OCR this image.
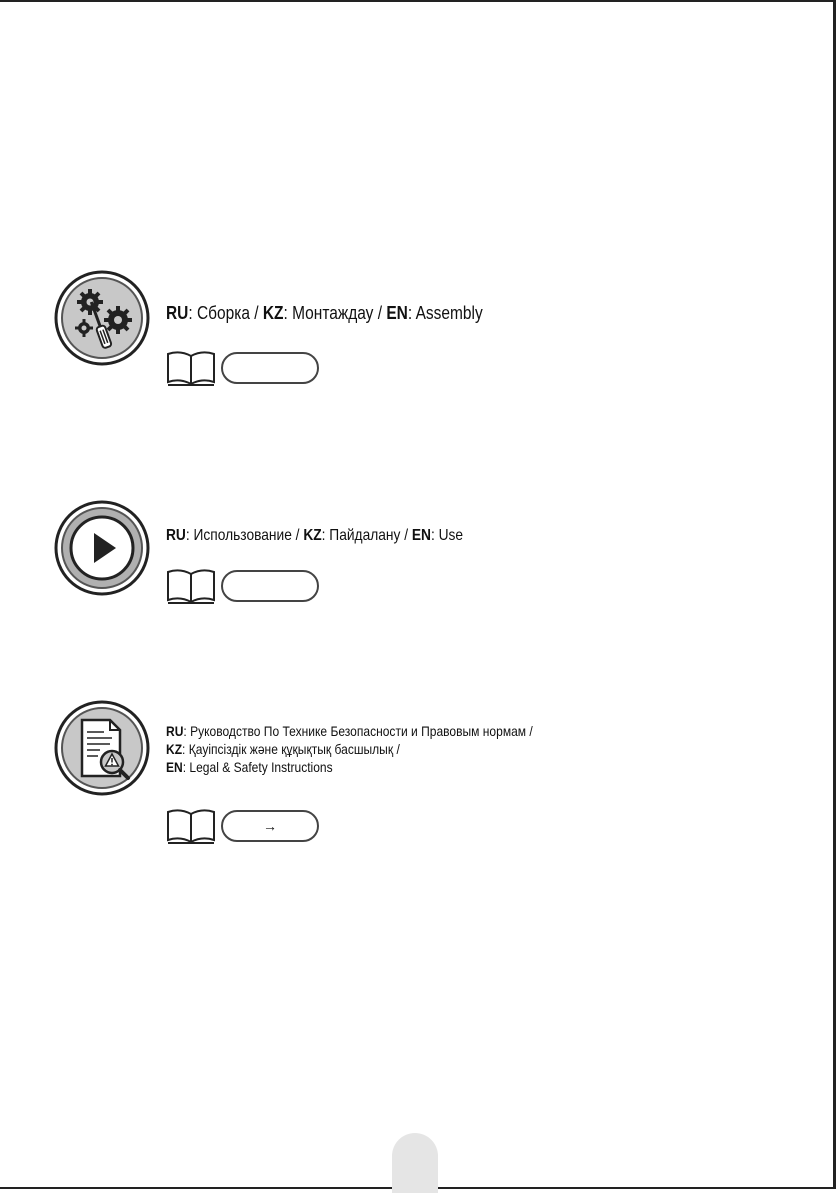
RU: Сборка / KZ: Монтаждау / EN: Assembly
RU: Использование / KZ: Пайдалану / EN: Use
RU: Руководство По Технике Безопасности и Правовым нормам /
KZ: Қауіпсіздік және құқықтық басшылық /
EN: Legal & Safety Instructions
→
